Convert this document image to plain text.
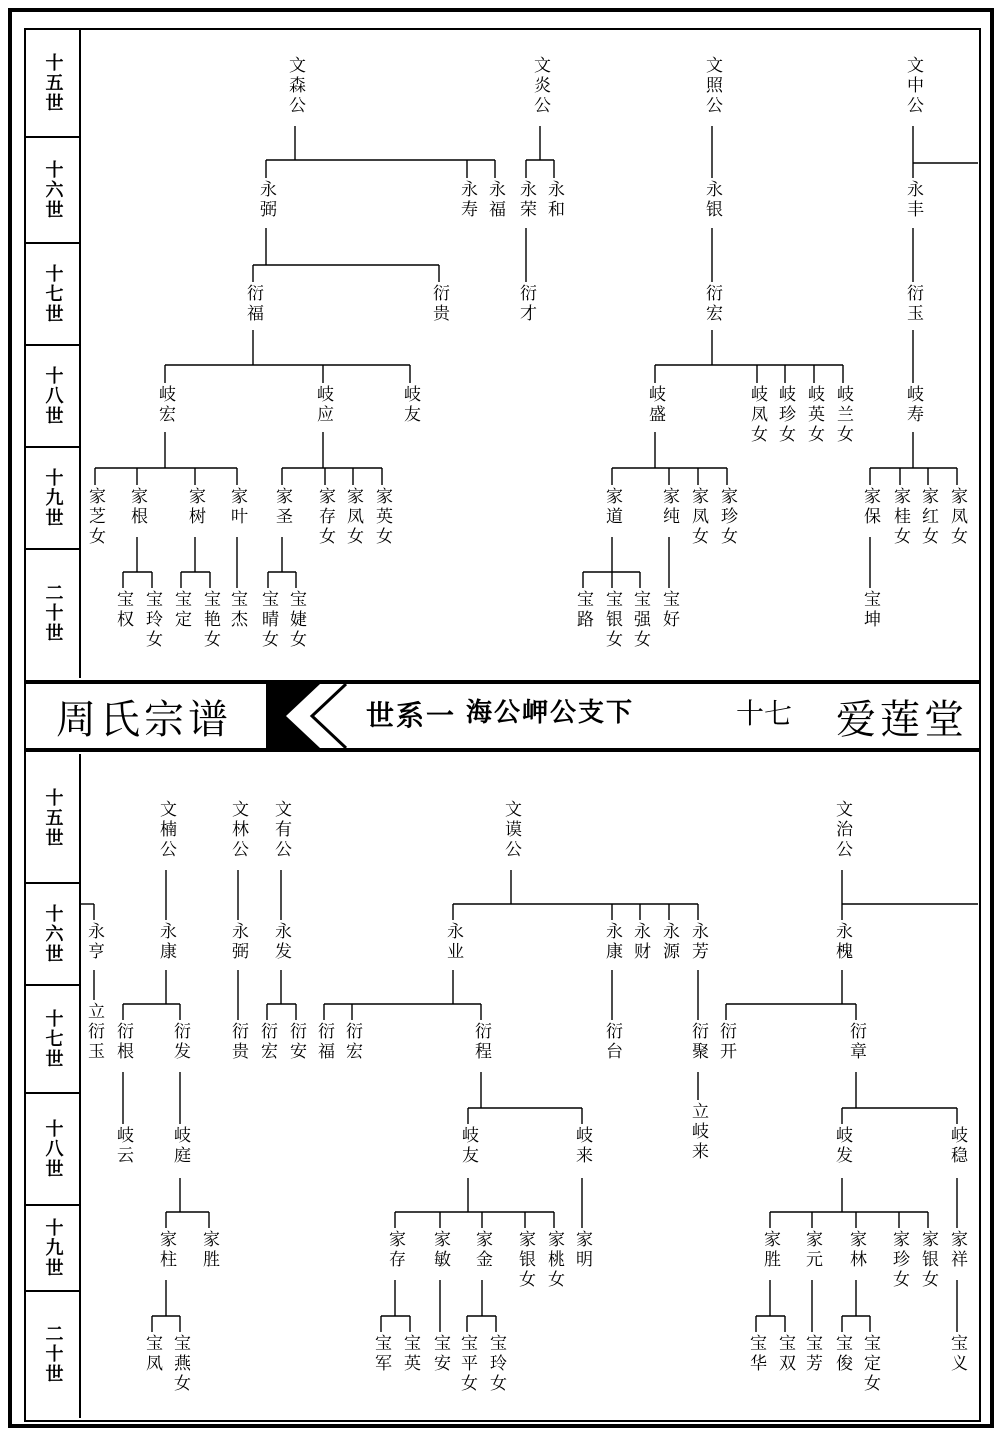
十五世
十六世
十七世
十八世
十九世
二十世
十五世
十六世
十七世
十八世
十九世
二十世
文森公	文炎公	文照公	文中公
永弼	永寿 永福 永荣 永和	永银	永丰
衍福	衍贵	衍才	衍宏	衍玉
岐宏	岐应	岐友	岐盛	岐凤女 岐珍女 岐英女 岐兰女	岐寿
家芝女 家根 家树 家叶 家圣 家存女 家凤女 家英女	家道 家纯 家凤女 家珍女	家保 家桂女 家红女 家凤女
宝权 宝玲女 宝定 宝艳女 宝杰 宝晴女 宝婕女	宝路 宝银女 宝强女 宝好	宝坤
周氏宗谱	世系一 海公岬公支下	十七 爱莲堂
文楠公	文林公 文有公	文谟公	文治公
永亨	永康	永弼 永发	永业	永康 永财 永源 永芳	永槐
立衍玉 衍根 衍发 衍贵 衍宏 衍安 衍福 衍宏	衍程	衍台	衍聚 衍开	衍章
岐云 岐庭	岐友	岐来	立岐来	岐发	岐稳
家柱 家胜	家存 家敏 家金 家银女 家桃女 家明	家胜 家元 家林 家珍女 家银女 家祥
宝凤 宝燕女	宝军 宝英 宝安 宝平女 宝玲女	宝华 宝双 宝芳 宝俊 宝定女	宝义
